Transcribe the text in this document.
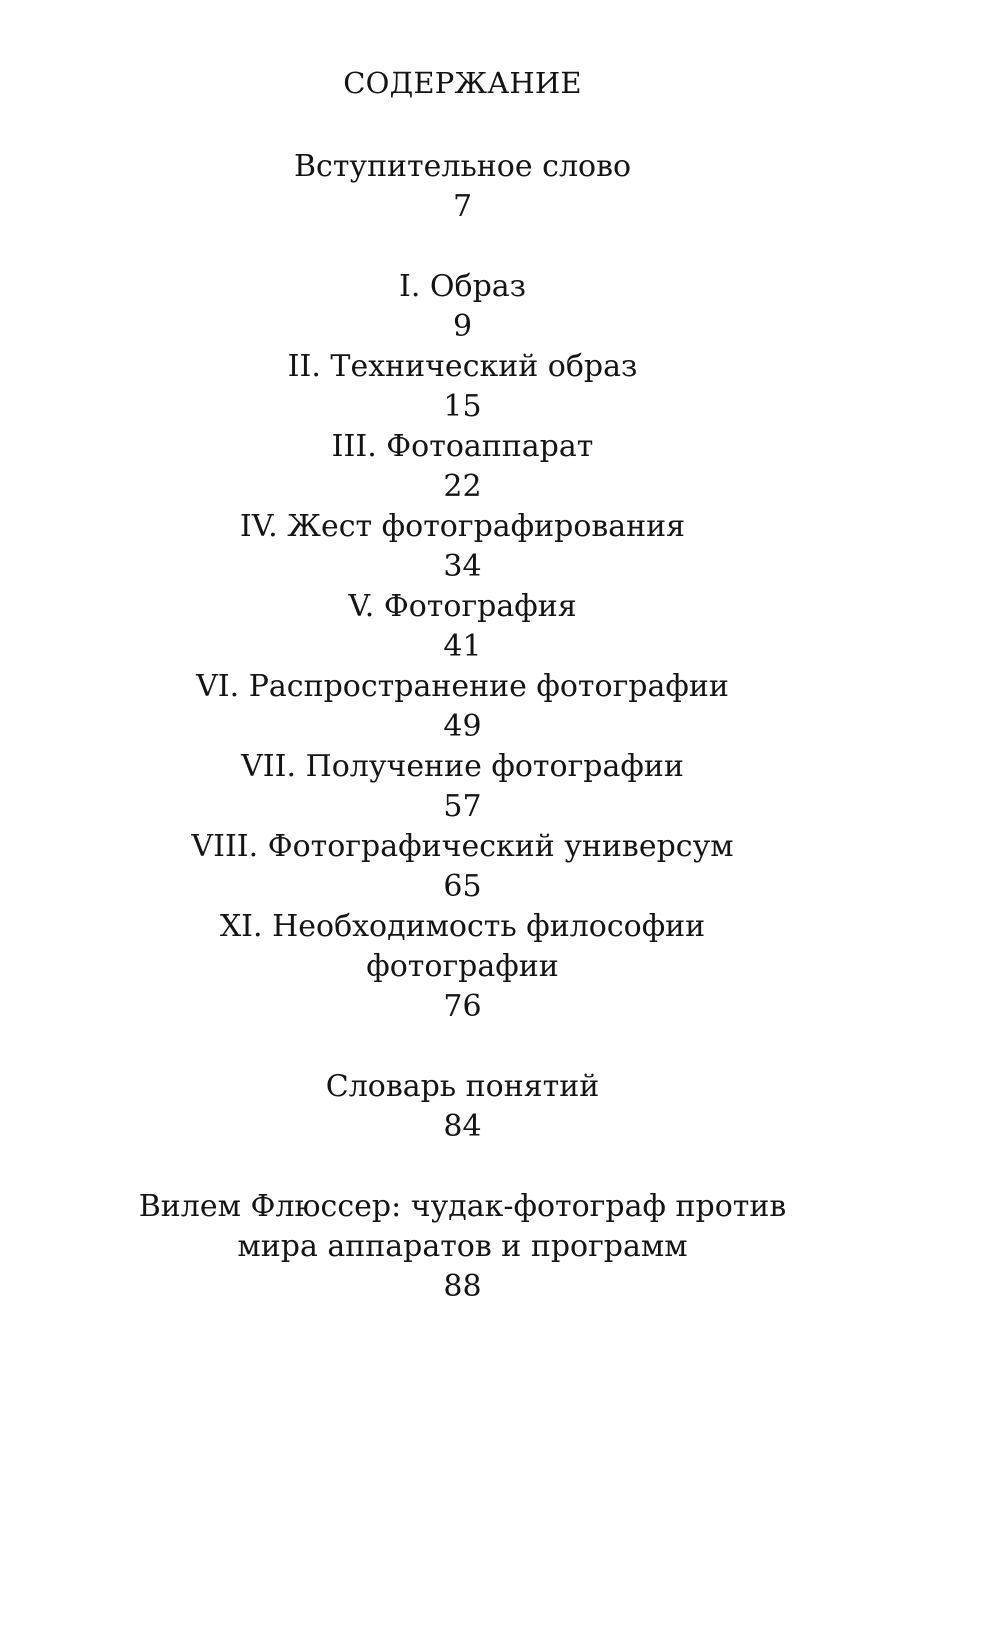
СОДЕРЖАНИЕ
Вступительное слово
7
I. Образ
9
II. Технический образ
15
III. Фотоаппарат
22
IV. Жест фотографирования
34
V. Фотография
41
VI. Распространение фотографии
49
VII. Получение фотографии
57
VIII. Фотографический универсум
65
XI. Необходимость философии
фотографии
76
Словарь понятий
84
Вилем Флюссер: чудак-фотограф против
мира аппаратов и программ
88
